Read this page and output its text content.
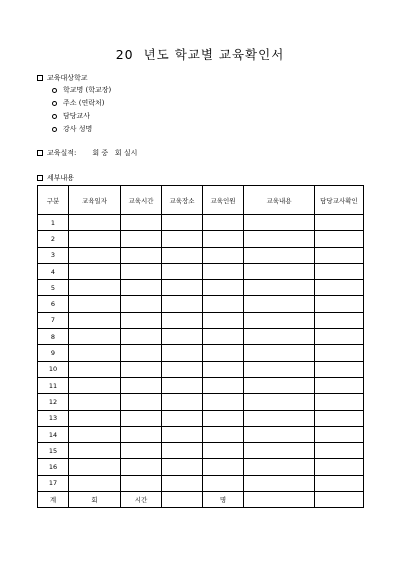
20  년도 학교별 교육확인서
교육대상학교
학교명 (학교장)
주소 (연락처)
담당교사
강사 성명
교육실적: 회 중   회 실시
세부내용
구분	교육일자	교육시간	교육장소	교육인원	교육내용	담당교사확인
1						
2						
3						
4						
5						
6						
7						
8						
9						
10						
11						
12						
13						
14						
15						
16						
17						
계	회	시간		명		
